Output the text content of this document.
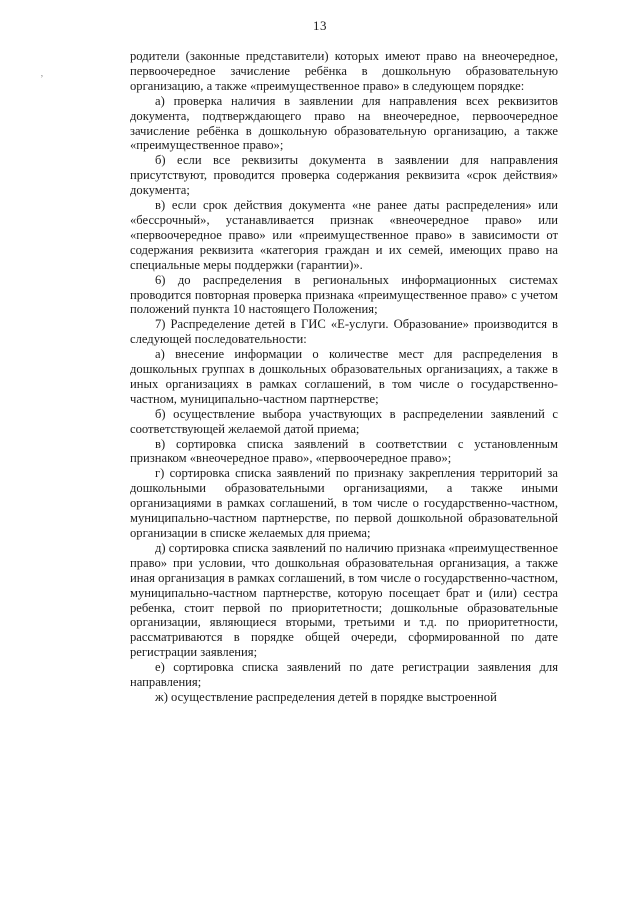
13
’

родители (законные представители) которых имеют право на внеочередное, первоочередное зачисление ребёнка в дошкольную образовательную организацию, а также «преимущественное право» в следующем порядке:

а) проверка наличия в заявлении для направления всех реквизитов документа, подтверждающего право на внеочередное, первоочередное зачисление ребёнка в дошкольную образовательную организацию, а также «преимущественное право»;

б) если все реквизиты документа в заявлении для направления присутствуют, проводится проверка содержания реквизита «срок действия» документа;

в) если срок действия документа «не ранее даты распределения» или «бессрочный», устанавливается признак «внеочередное право» или «первоочередное право» или «преимущественное право» в зависимости от содержания реквизита «категория граждан и их семей, имеющих право на специальные меры поддержки (гарантии)».

6) до распределения в региональных информационных системах проводится повторная проверка признака «преимущественное право» с учетом положений пункта 10 настоящего Положения;

7) Распределение детей в ГИС «Е-услуги. Образование» производится в следующей последовательности:

а) внесение информации о количестве мест для распределения в дошкольных группах в дошкольных образовательных организациях, а также в иных организациях в рамках соглашений, в том числе о государственно-частном, муниципально-частном партнерстве;

б) осуществление выбора участвующих в распределении заявлений с соответствующей желаемой датой приема;

в) сортировка списка заявлений в соответствии с установленным признаком «внеочередное право», «первоочередное право»;

г) сортировка списка заявлений по признаку закрепления территорий за дошкольными образовательными организациями, а также иными организациями в рамках соглашений, в том числе о государственно-частном, муниципально-частном партнерстве, по первой дошкольной образовательной организации в списке желаемых для приема;

д) сортировка списка заявлений по наличию признака «преимущественное право» при условии, что дошкольная образовательная организация, а также иная организация в рамках соглашений, в том числе о государственно-частном, муниципально-частном партнерстве, которую посещает брат и (или) сестра ребенка, стоит первой по приоритетности; дошкольные образовательные организации, являющиеся вторыми, третьими и т.д. по приоритетности, рассматриваются в порядке общей очереди, сформированной по дате регистрации заявления;

е) сортировка списка заявлений по дате регистрации заявления для направления;

ж) осуществление распределения детей в порядке выстроенной
